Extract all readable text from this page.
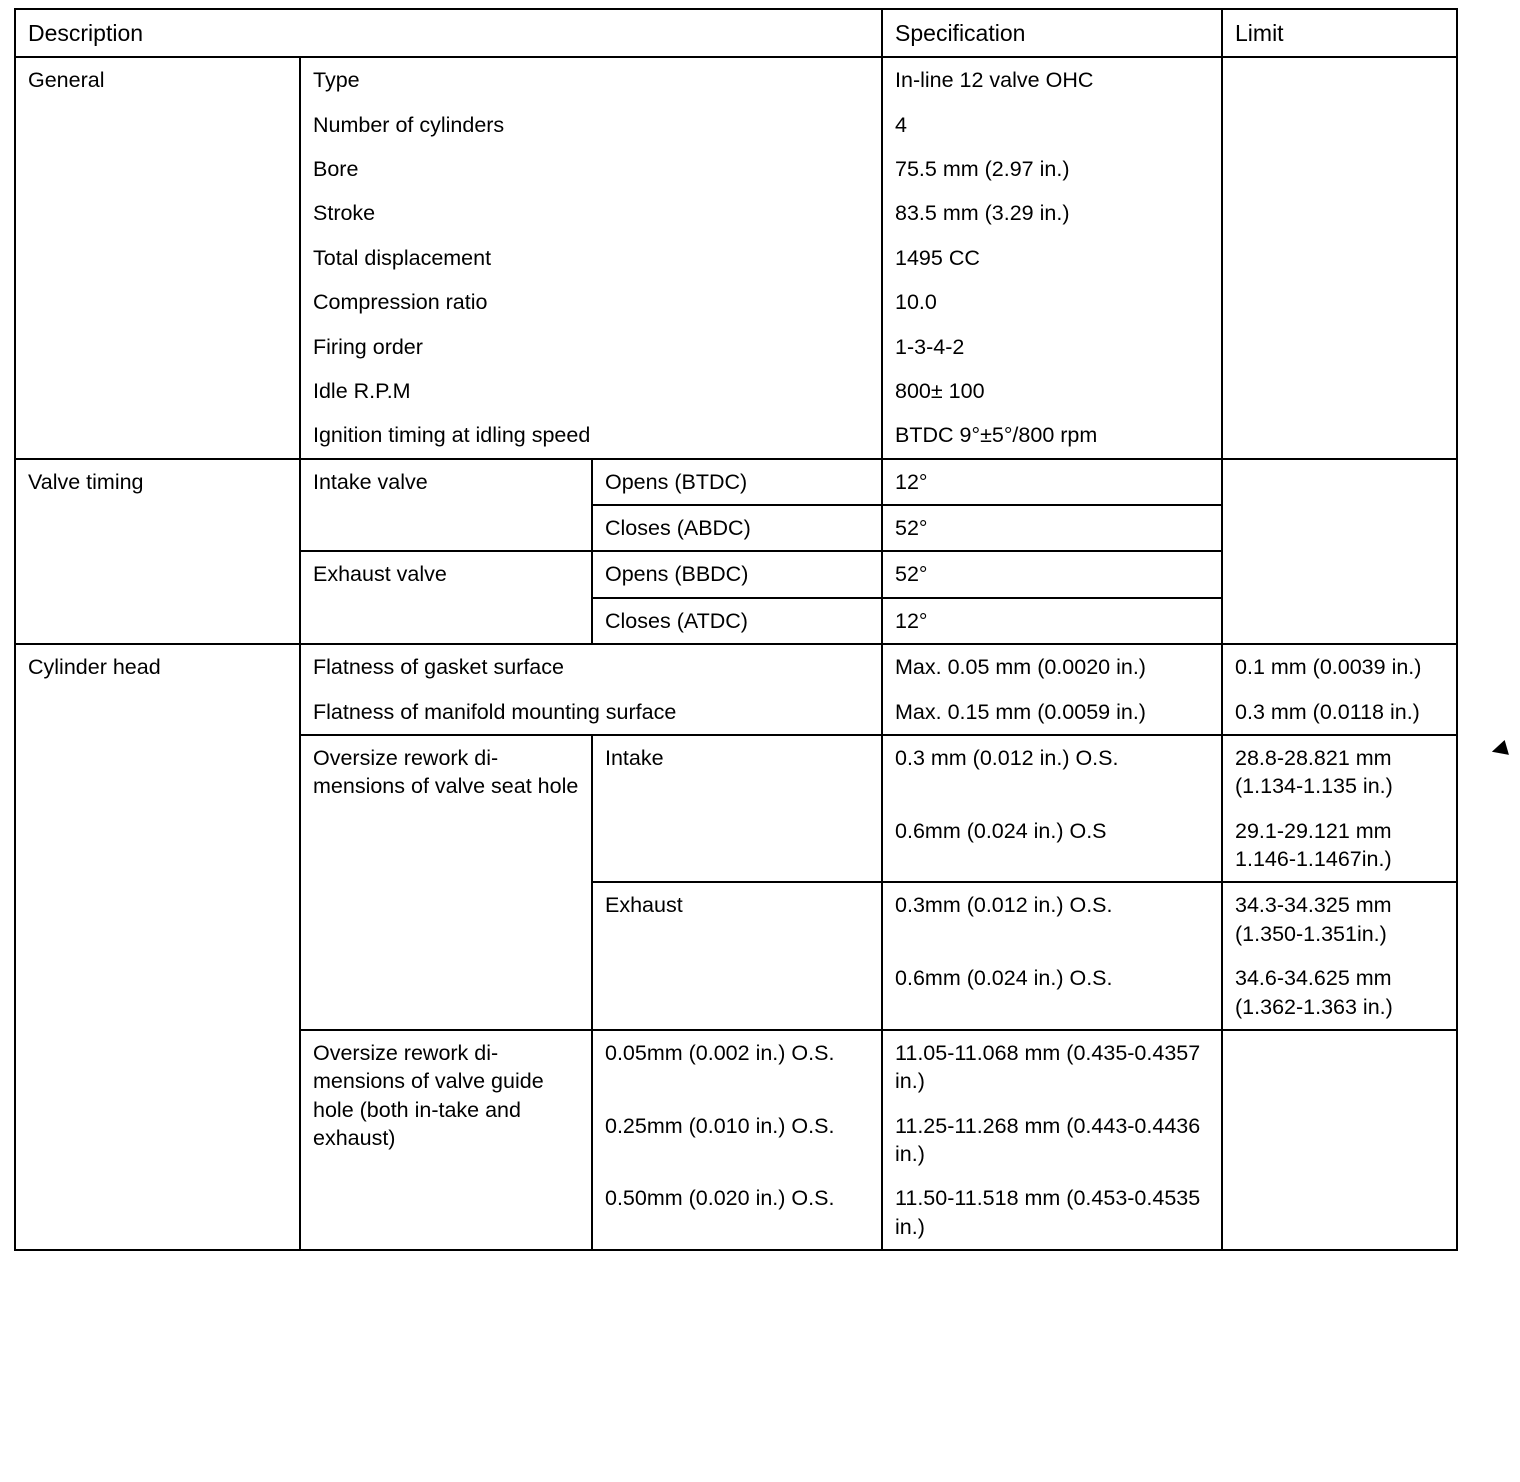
Description			Specification	Limit
General	Type		In-line 12 valve OHC	
	Number of cylinders		4	
	Bore		75.5 mm (2.97 in.)	
	Stroke		83.5 mm (3.29 in.)	
	Total displacement		1495 CC	
	Compression ratio		10.0	
	Firing order		1-3-4-2	
	Idle R.P.M		800± 100	
	Ignition timing at idling speed		BTDC 9°±5°/800 rpm	
Valve timing	Intake valve	Opens (BTDC)	12°	
		Closes (ABDC)	52°	
	Exhaust valve	Opens (BBDC)	52°	
		Closes (ATDC)	12°	
Cylinder head	Flatness of gasket surface		Max. 0.05 mm (0.0020 in.)	0.1 mm (0.0039 in.)
	Flatness of manifold mounting surface		Max. 0.15 mm (0.0059 in.)	0.3 mm (0.0118 in.)
	Oversize rework di-mensions of valve seat hole	Intake	0.3 mm (0.012 in.) O.S.	28.8-28.821 mm (1.134-1.135 in.)
			0.6mm (0.024 in.) O.S	29.1-29.121 mm 1.146-1.1467in.)
		Exhaust	0.3mm (0.012 in.) O.S.	34.3-34.325 mm (1.350-1.351in.)
			0.6mm (0.024 in.) O.S.	34.6-34.625 mm (1.362-1.363 in.)
	Oversize rework di-mensions of valve guide hole (both in-take and exhaust)	0.05mm (0.002 in.) O.S.	11.05-11.068 mm (0.435-0.4357 in.)	
		0.25mm (0.010 in.) O.S.	11.25-11.268 mm (0.443-0.4436 in.)	
		0.50mm (0.020 in.) O.S.	11.50-11.518 mm (0.453-0.4535 in.)	
◄
